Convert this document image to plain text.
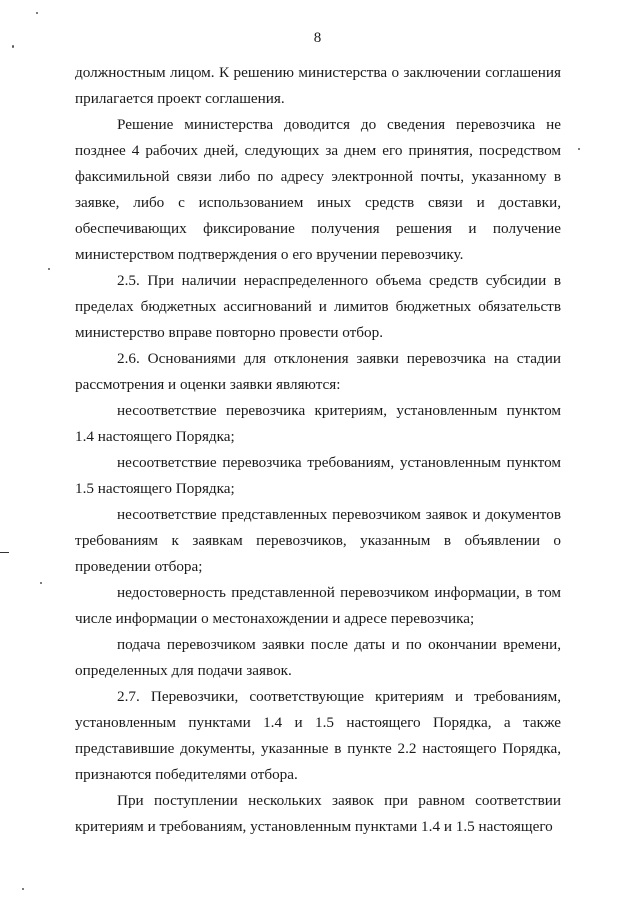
8

должностным лицом. К решению министерства о заключении соглашения прилагается проект соглашения.

Решение министерства доводится до сведения перевозчика не позднее 4 рабочих дней, следующих за днем его принятия, посредством факсимильной связи либо по адресу электронной почты, указанному в заявке, либо с использованием иных средств связи и доставки, обеспечивающих фиксирование получения решения и получение министерством подтверждения о его вручении перевозчику.

2.5. При наличии нераспределенного объема средств субсидии в пределах бюджетных ассигнований и лимитов бюджетных обязательств министерство вправе повторно провести отбор.

2.6. Основаниями для отклонения заявки перевозчика на стадии рассмотрения и оценки заявки являются:

несоответствие перевозчика критериям, установленным пунктом 1.4 настоящего Порядка;

несоответствие перевозчика требованиям, установленным пунктом 1.5 настоящего Порядка;

несоответствие представленных перевозчиком заявок и документов требованиям к заявкам перевозчиков, указанным в объявлении о проведении отбора;

недостоверность представленной перевозчиком информации, в том числе информации о местонахождении и адресе перевозчика;

подача перевозчиком заявки после даты и по окончании времени, определенных для подачи заявок.

2.7. Перевозчики, соответствующие критериям и требованиям, установленным пунктами 1.4 и 1.5 настоящего Порядка, а также представившие документы, указанные в пункте 2.2 настоящего Порядка, признаются победителями отбора.

При поступлении нескольких заявок при равном соответствии критериям и требованиям, установленным пунктами 1.4 и 1.5 настоящего
